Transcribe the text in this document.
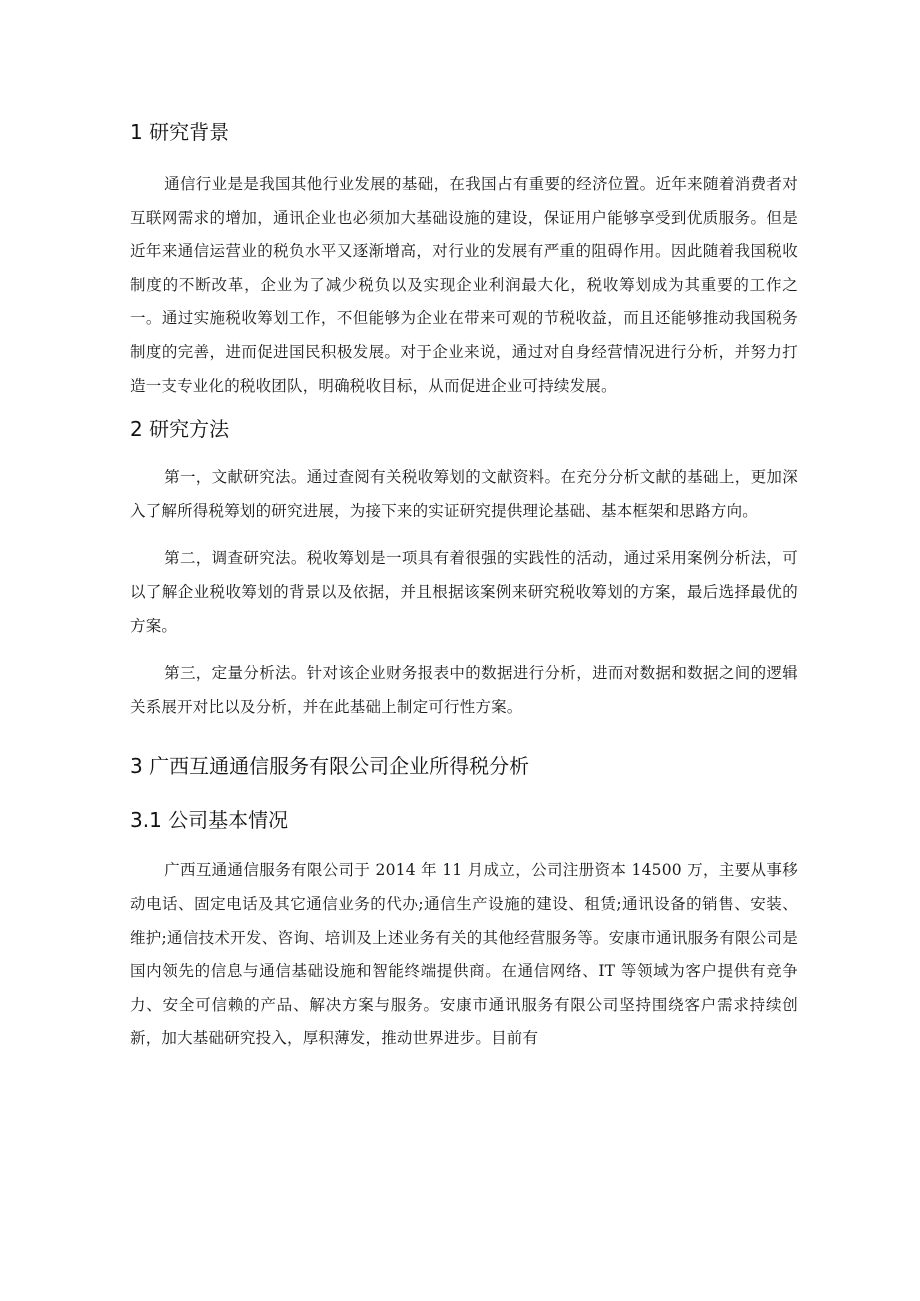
1 研究背景

通信行业是是我国其他行业发展的基础，在我国占有重要的经济位置。近年来随着消费者对互联网需求的增加，通讯企业也必须加大基础设施的建设，保证用户能够享受到优质服务。但是近年来通信运营业的税负水平又逐渐增高，对行业的发展有严重的阻碍作用。因此随着我国税收制度的不断改革，企业为了减少税负以及实现企业利润最大化，税收筹划成为其重要的工作之一。通过实施税收筹划工作，不但能够为企业在带来可观的节税收益，而且还能够推动我国税务制度的完善，进而促进国民积极发展。对于企业来说，通过对自身经营情况进行分析，并努力打造一支专业化的税收团队，明确税收目标，从而促进企业可持续发展。

2 研究方法

第一，文献研究法。通过查阅有关税收筹划的文献资料。在充分分析文献的基础上，更加深入了解所得税筹划的研究进展，为接下来的实证研究提供理论基础、基本框架和思路方向。

第二，调查研究法。税收筹划是一项具有着很强的实践性的活动，通过采用案例分析法，可以了解企业税收筹划的背景以及依据，并且根据该案例来研究税收筹划的方案，最后选择最优的方案。

第三，定量分析法。针对该企业财务报表中的数据进行分析，进而对数据和数据之间的逻辑关系展开对比以及分析，并在此基础上制定可行性方案。

3 广西互通通信服务有限公司企业所得税分析
3.1 公司基本情况

广西互通通信服务有限公司于 2014 年 11 月成立，公司注册资本 14500 万，主要从事移动电话、固定电话及其它通信业务的代办;通信生产设施的建设、租赁;通讯设备的销售、安装、维护;通信技术开发、咨询、培训及上述业务有关的其他经营服务等。安康市通讯服务有限公司是国内领先的信息与通信基础设施和智能终端提供商。在通信网络、IT 等领域为客户提供有竞争力、安全可信赖的产品、解决方案与服务。安康市通讯服务有限公司坚持围绕客户需求持续创新，加大基础研究投入，厚积薄发，推动世界进步。目前有
